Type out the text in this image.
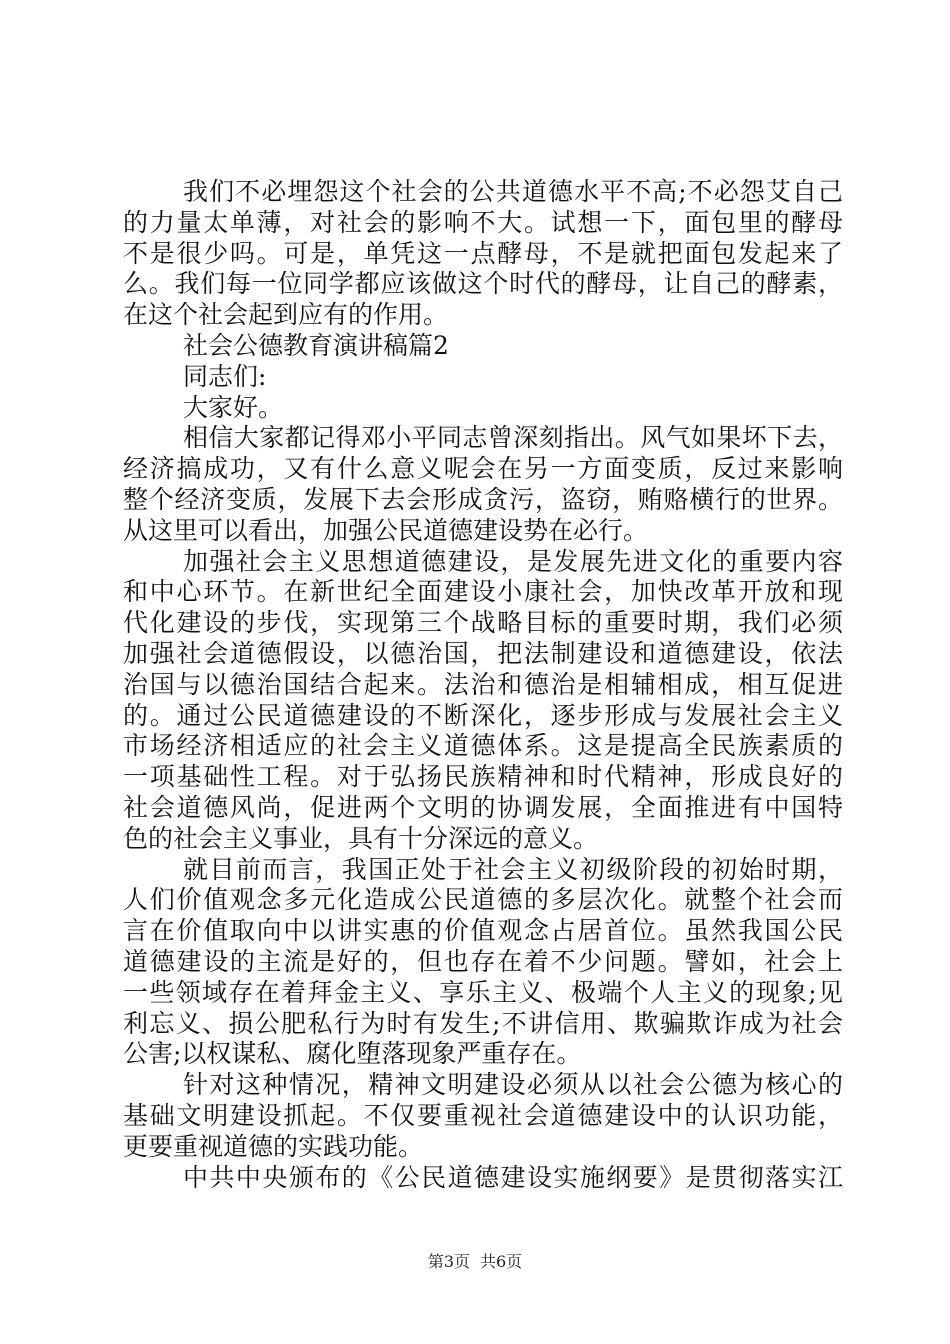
我们不必埋怨这个社会的公共道德水平不高;不必怨艾自己
的力量太单薄，对社会的影响不大。试想一下，面包里的酵母
不是很少吗。可是，单凭这一点酵母，不是就把面包发起来了
么。我们每一位同学都应该做这个时代的酵母，让自己的酵素，
在这个社会起到应有的作用。
社会公德教育演讲稿篇2
同志们:
大家好。
相信大家都记得邓小平同志曾深刻指出。风气如果坏下去，
经济搞成功，又有什么意义呢会在另一方面变质，反过来影响
整个经济变质，发展下去会形成贪污，盗窃，贿赂横行的世界。
从这里可以看出，加强公民道德建设势在必行。
加强社会主义思想道德建设，是发展先进文化的重要内容
和中心环节。在新世纪全面建设小康社会，加快改革开放和现
代化建设的步伐，实现第三个战略目标的重要时期，我们必须
加强社会道德假设，以德治国，把法制建设和道德建设，依法
治国与以德治国结合起来。法治和德治是相辅相成，相互促进
的。通过公民道德建设的不断深化，逐步形成与发展社会主义
市场经济相适应的社会主义道德体系。这是提高全民族素质的
一项基础性工程。对于弘扬民族精神和时代精神，形成良好的
社会道德风尚，促进两个文明的协调发展，全面推进有中国特
色的社会主义事业，具有十分深远的意义。
就目前而言，我国正处于社会主义初级阶段的初始时期，
人们价值观念多元化造成公民道德的多层次化。就整个社会而
言在价值取向中以讲实惠的价值观念占居首位。虽然我国公民
道德建设的主流是好的，但也存在着不少问题。譬如，社会上
一些领域存在着拜金主义、享乐主义、极端个人主义的现象;见
利忘义、损公肥私行为时有发生;不讲信用、欺骗欺诈成为社会
公害;以权谋私、腐化堕落现象严重存在。
针对这种情况，精神文明建设必须从以社会公德为核心的
基础文明建设抓起。不仅要重视社会道德建设中的认识功能，
更要重视道德的实践功能。
中共中央颁布的《公民道德建设实施纲要》是贯彻落实江
第3页 共6页
